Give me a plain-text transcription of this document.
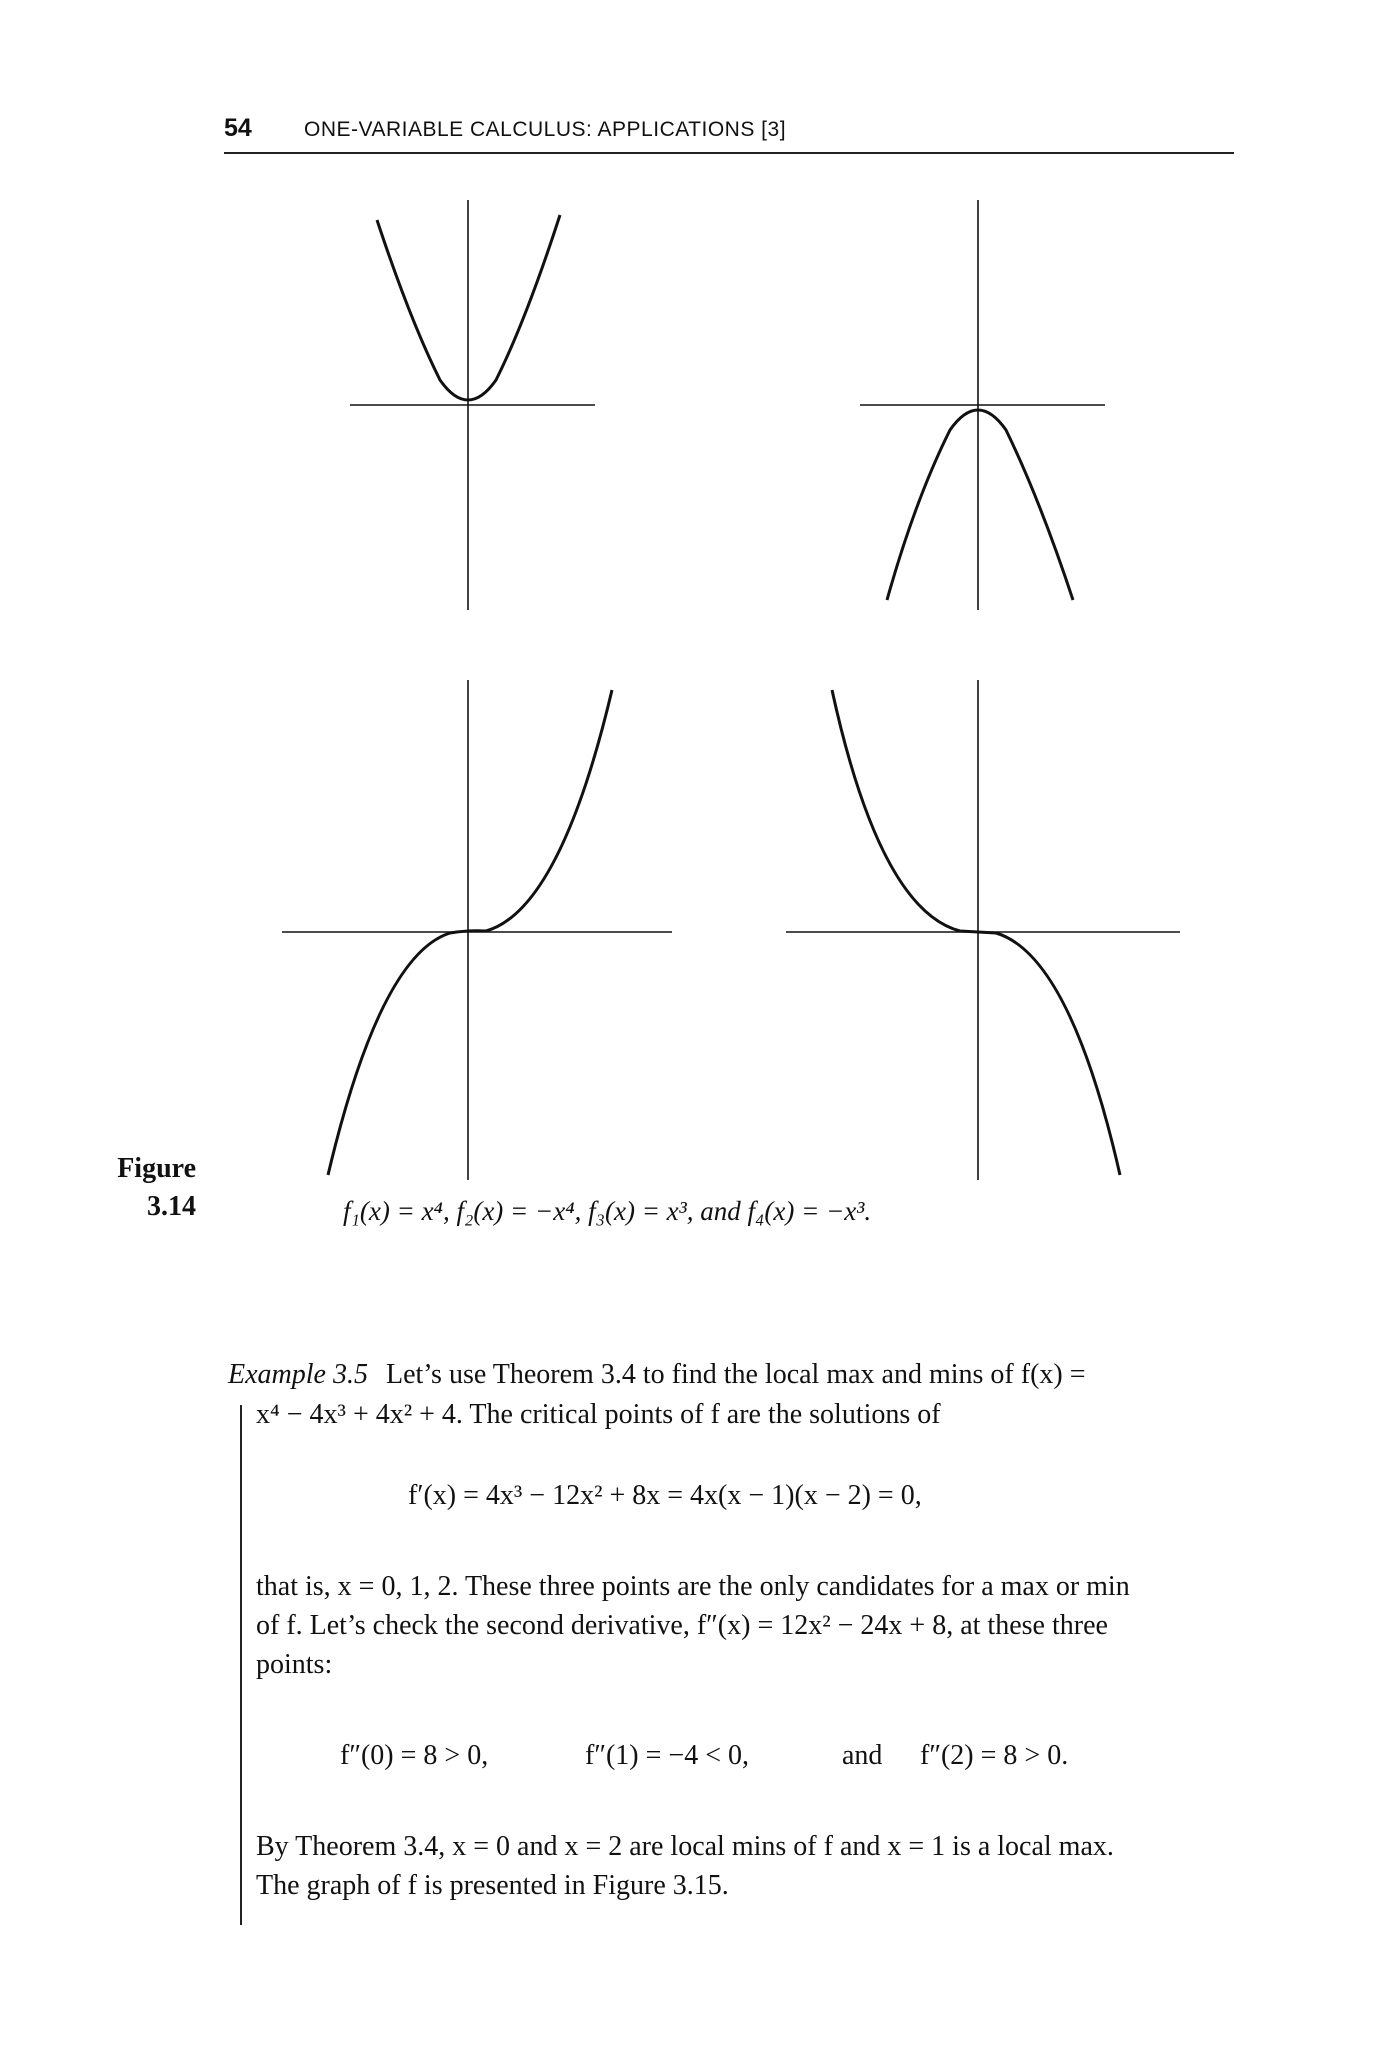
54 ONE-VARIABLE CALCULUS: APPLICATIONS [3]
Figure
3.14	f₁(x) = x⁴, f₂(x) = −x⁴, f₃(x) = x³, and f₄(x) = −x³.
Example 3.5 Let’s use Theorem 3.4 to find the local max and mins of f(x) =
x⁴ − 4x³ + 4x² + 4. The critical points of f are the solutions of
f′(x) = 4x³ − 12x² + 8x = 4x(x − 1)(x − 2) = 0,
that is, x = 0, 1, 2. These three points are the only candidates for a max or min
of f. Let’s check the second derivative, f″(x) = 12x² − 24x + 8, at these three
points:
f″(0) = 8 > 0,	f″(1) = −4 < 0,	and f″(2) = 8 > 0.
By Theorem 3.4, x = 0 and x = 2 are local mins of f and x = 1 is a local max.
The graph of f is presented in Figure 3.15.
